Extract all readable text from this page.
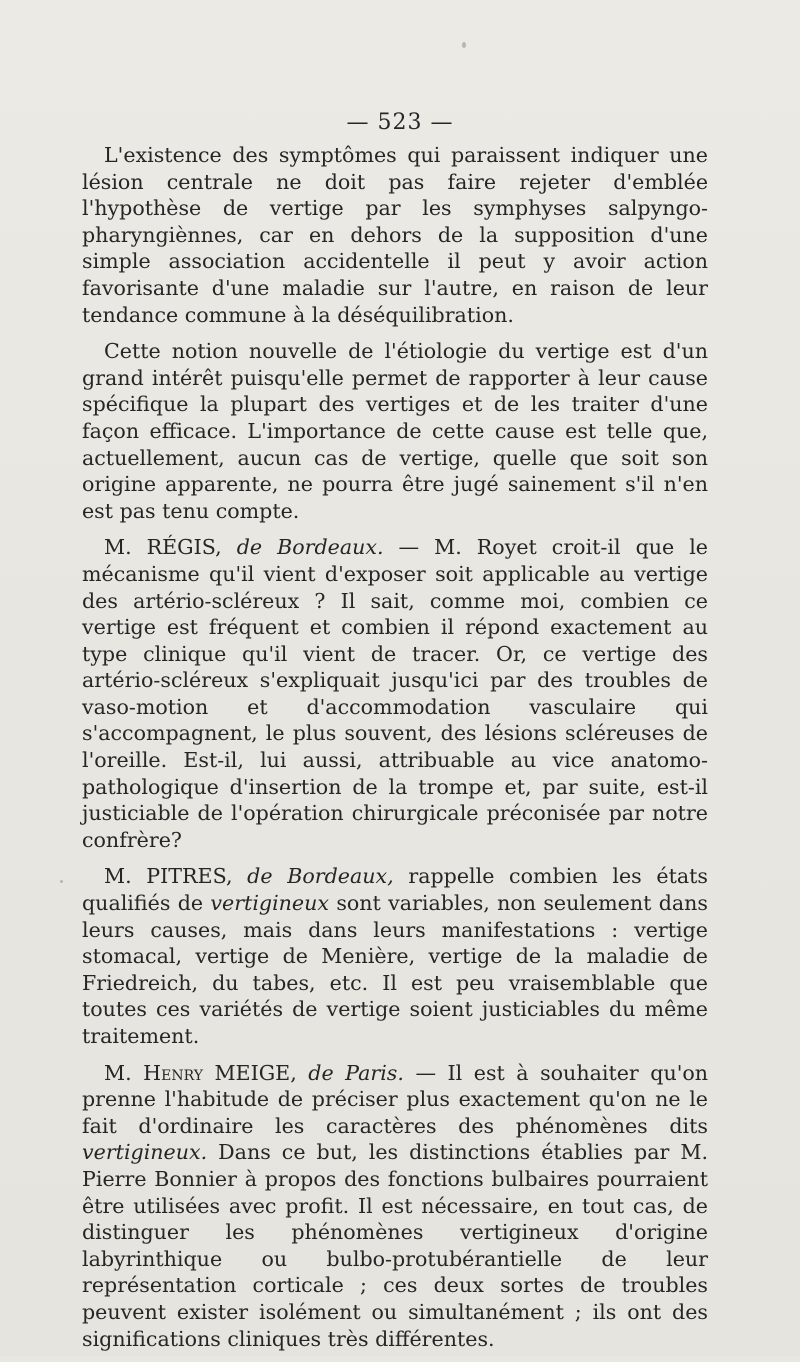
— 523 —

L'existence des symptômes qui paraissent indiquer une lésion centrale ne doit pas faire rejeter d'emblée l'hypothèse de vertige par les symphyses salpyngo-pharyngiènnes, car en dehors de la supposition d'une simple association accidentelle il peut y avoir action favorisante d'une maladie sur l'autre, en raison de leur tendance commune à la déséquilibration.

Cette notion nouvelle de l'étiologie du vertige est d'un grand intérêt puisqu'elle permet de rapporter à leur cause spécifique la plupart des vertiges et de les traiter d'une façon efficace. L'importance de cette cause est telle que, actuellement, aucun cas de vertige, quelle que soit son origine apparente, ne pourra être jugé sainement s'il n'en est pas tenu compte.

M. RÉGIS, de Bordeaux. — M. Royet croit-il que le mécanisme qu'il vient d'exposer soit applicable au vertige des artério-scléreux ? Il sait, comme moi, combien ce vertige est fréquent et combien il répond exactement au type clinique qu'il vient de tracer. Or, ce vertige des artério-scléreux s'expliquait jusqu'ici par des troubles de vaso-motion et d'accommodation vasculaire qui s'accompagnent, le plus souvent, des lésions scléreuses de l'oreille. Est-il, lui aussi, attribuable au vice anatomo-pathologique d'insertion de la trompe et, par suite, est-il justiciable de l'opération chirurgicale préconisée par notre confrère?

M. PITRES, de Bordeaux, rappelle combien les états qualifiés de vertigineux sont variables, non seulement dans leurs causes, mais dans leurs manifestations : vertige stomacal, vertige de Menière, vertige de la maladie de Friedreich, du tabes, etc. Il est peu vraisemblable que toutes ces variétés de vertige soient justiciables du même traitement.

M. Henry MEIGE, de Paris. — Il est à souhaiter qu'on prenne l'habitude de préciser plus exactement qu'on ne le fait d'ordinaire les caractères des phénomènes dits vertigineux. Dans ce but, les distinctions établies par M. Pierre Bonnier à propos des fonctions bulbaires pourraient être utilisées avec profit. Il est nécessaire, en tout cas, de distinguer les phénomènes vertigineux d'origine labyrinthique ou bulbo-protubérantielle de leur représentation corticale ; ces deux sortes de troubles peuvent exister isolément ou simultanément ; ils ont des significations cliniques très différentes.
